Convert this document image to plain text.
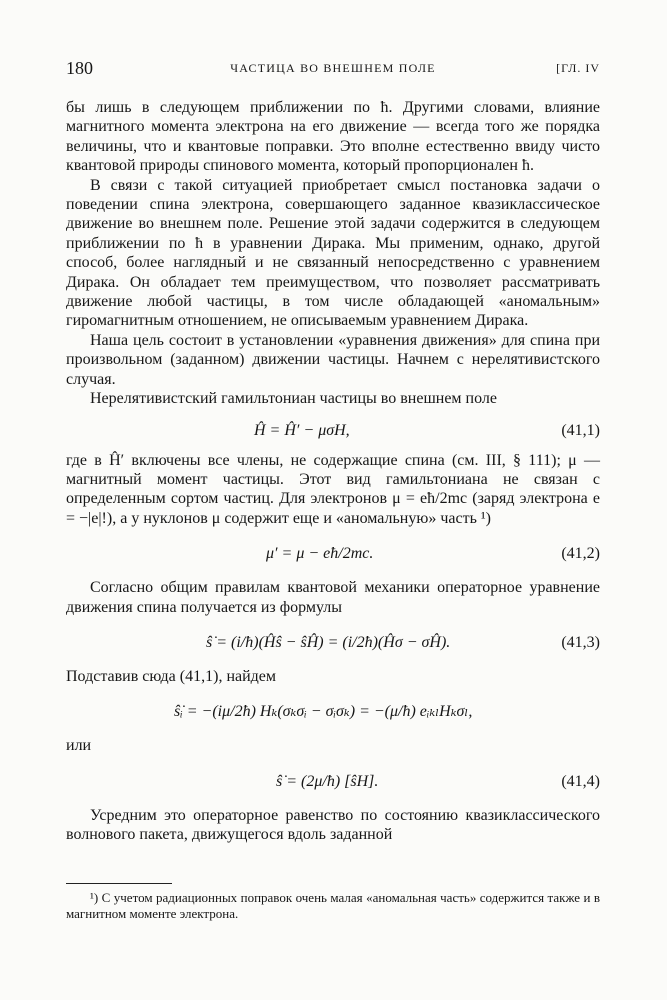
180	ЧАСТИЦА ВО ВНЕШНЕМ ПОЛЕ	[ГЛ. IV

бы лишь в следующем приближении по ħ. Другими словами, влияние магнитного момента электрона на его движение — всегда того же порядка величины, что и квантовые поправки. Это вполне естественно ввиду чисто квантовой природы спинового момента, который пропорционален ħ.

В связи с такой ситуацией приобретает смысл постановка задачи о поведении спина электрона, совершающего заданное квазиклассическое движение во внешнем поле. Решение этой задачи содержится в следующем приближении по ħ в уравнении Дирака. Мы применим, однако, другой способ, более наглядный и не связанный непосредственно с уравнением Дирака. Он обладает тем преимуществом, что позволяет рассматривать движение любой частицы, в том числе обладающей «аномальным» гиромагнитным отношением, не описываемым уравнением Дирака.

Наша цель состоит в установлении «уравнения движения» для спина при произвольном (заданном) движении частицы. Начнем с нерелятивистского случая.

Нерелятивистский гамильтониан частицы во внешнем поле

Ĥ = Ĥ′ − μσH,	(41,1)

где в Ĥ′ включены все члены, не содержащие спина (см. III, § 111); μ — магнитный момент частицы. Этот вид гамильтониана не связан с определенным сортом частиц. Для электронов μ = eħ/2mc (заряд электрона e = −|e|!), а у нуклонов μ содержит еще и «аномальную» часть ¹)

μ′ = μ − eħ/2mc.	(41,2)

Согласно общим правилам квантовой механики операторное уравнение движения спина получается из формулы

ŝ̇ = (i/ħ)(Ĥŝ − ŝĤ) = (i/2ħ)(Ĥσ − σĤ).	(41,3)

Подставив сюда (41,1), найдем

ŝ̇ᵢ = −(iμ/2ħ) Hₖ(σₖσᵢ − σᵢσₖ) = −(μ/ħ) eᵢₖₗHₖσₗ,

или

ŝ̇ = (2μ/ħ) [ŝH].	(41,4)

Усредним это операторное равенство по состоянию квазиклассического волнового пакета, движущегося вдоль заданной

¹) С учетом радиационных поправок очень малая «аномальная часть» содержится также и в магнитном моменте электрона.
